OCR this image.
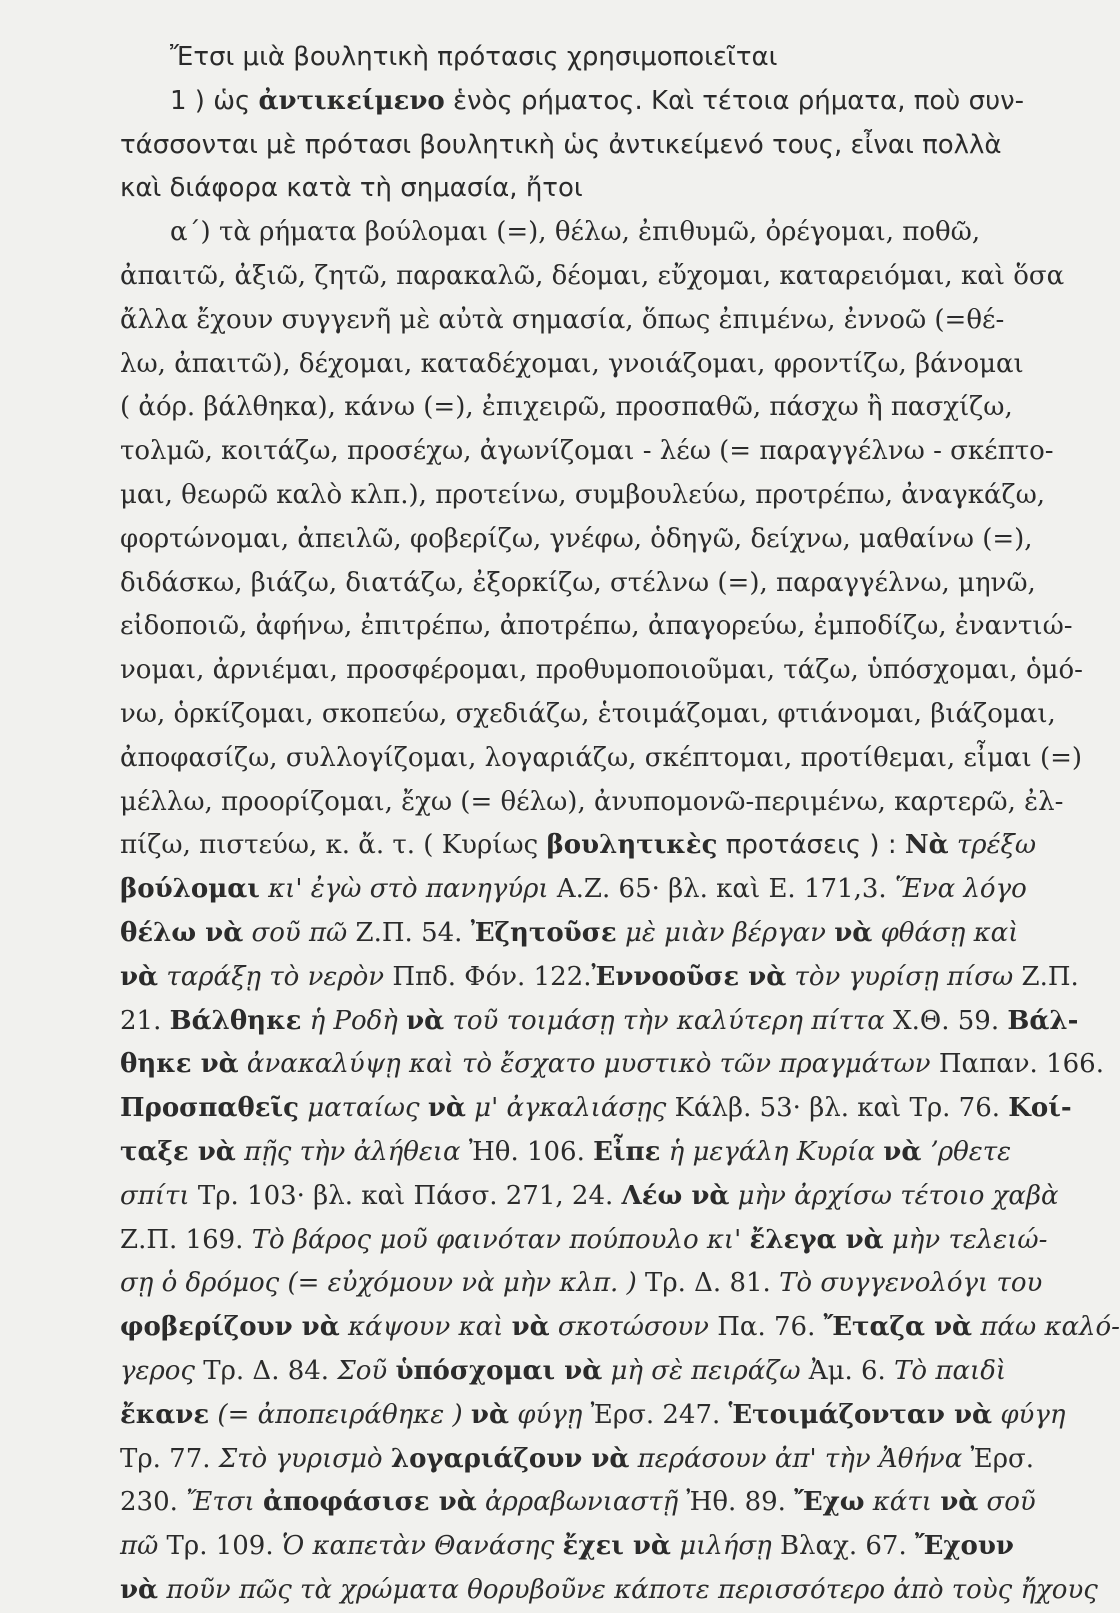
Ἔτσι μιὰ βουλητικὴ πρότασις χρησιμοποιεῖται
1 ) ὡς ἀντικείμενο ἑνὸς ρήματος. Καὶ τέτοια ρήματα, ποὺ συν-
τάσσονται μὲ πρότασι βουλητικὴ ὡς ἀντικείμενό τους, εἶναι πολλὰ
καὶ διάφορα κατὰ τὴ σημασία, ἤτοι
α΄) τὰ ρήματα βούλομαι (=), θέλω, ἐπιθυμῶ, ὀρέγομαι, ποθῶ,
ἀπαιτῶ, ἀξιῶ, ζητῶ, παρακαλῶ, δέομαι, εὔχομαι, καταρειόμαι, καὶ ὅσα
ἄλλα ἔχουν συγγενῆ μὲ αὐτὰ σημασία, ὅπως ἐπιμένω, ἐννοῶ (=θέ-
λω, ἀπαιτῶ), δέχομαι, καταδέχομαι, γνοιάζομαι, φροντίζω, βάνομαι
( ἀόρ. βάλθηκα), κάνω (=), ἐπιχειρῶ, προσπαθῶ, πάσχω ἢ πασχίζω,
τολμῶ, κοιτάζω, προσέχω, ἀγωνίζομαι - λέω (= παραγγέλνω - σκέπτο-
μαι, θεωρῶ καλὸ κλπ.), προτείνω, συμβουλεύω, προτρέπω, ἀναγκάζω,
φορτώνομαι, ἀπειλῶ, φοβερίζω, γνέφω, ὁδηγῶ, δείχνω, μαθαίνω (=),
διδάσκω, βιάζω, διατάζω, ἐξορκίζω, στέλνω (=), παραγγέλνω, μηνῶ,
εἰδοποιῶ, ἀφήνω, ἐπιτρέπω, ἀποτρέπω, ἀπαγορεύω, ἐμποδίζω, ἐναντιώ-
νομαι, ἀρνιέμαι, προσφέρομαι, προθυμοποιοῦμαι, τάζω, ὑπόσχομαι, ὁμό-
νω, ὁρκίζομαι, σκοπεύω, σχεδιάζω, ἑτοιμάζομαι, φτιάνομαι, βιάζομαι,
ἀποφασίζω, συλλογίζομαι, λογαριάζω, σκέπτομαι, προτίθεμαι, εἶμαι (=)
μέλλω, προορίζομαι, ἔχω (= θέλω), ἀνυπομονῶ-περιμένω, καρτερῶ, ἐλ-
πίζω, πιστεύω, κ. ἄ. τ. ( Κυρίως βουλητικὲς προτάσεις ) : Νὰ τρέξω
βούλομαι κι' ἐγὼ στὸ πανηγύρι Α.Ζ. 65· βλ. καὶ Ε. 171,3. Ἕνα λόγο
θέλω νὰ σοῦ πῶ Ζ.Π. 54. Ἐζητοῦσε μὲ μιὰν βέργαν νὰ φθάσῃ καὶ
νὰ ταράξῃ τὸ νερὸν Ππδ. Φόν. 122.Ἐννοοῦσε νὰ τὸν γυρίσῃ πίσω Ζ.Π.
21. Βάλθηκε ἡ Ροδὴ νὰ τοῦ τοιμάσῃ τὴν καλύτερη πίττα Χ.Θ. 59. Βάλ-
θηκε νὰ ἀνακαλύψῃ καὶ τὸ ἔσχατο μυστικὸ τῶν πραγμάτων Παπαν. 166.
Προσπαθεῖς ματαίως νὰ μ' ἀγκαλιάσῃς Κάλβ. 53· βλ. καὶ Τρ. 76. Κοί-
ταξε νὰ πῇς τὴν ἀλήθεια Ἠθ. 106. Εἶπε ἡ μεγάλη Κυρία νὰ ʼρθετε
σπίτι Τρ. 103· βλ. καὶ Πάσσ. 271, 24. Λέω νὰ μὴν ἀρχίσω τέτοιο χαβὰ
Ζ.Π. 169. Τὸ βάρος μοῦ φαινόταν πούπουλο κι' ἔλεγα νὰ μὴν τελειώ-
σῃ ὁ δρόμος (= εὐχόμουν νὰ μὴν κλπ. ) Τρ. Δ. 81. Τὸ συγγενολόγι του
φοβερίζουν νὰ κάψουν καὶ νὰ σκοτώσουν Πα. 76. Ἔταζα νὰ πάω καλό-
γερος Τρ. Δ. 84. Σοῦ ὑπόσχομαι νὰ μὴ σὲ πειράζω Ἀμ. 6. Τὸ παιδὶ
ἔκανε (= ἀποπειράθηκε ) νὰ φύγῃ Ἐρσ. 247. Ἑτοιμάζονταν νὰ φύγη
Τρ. 77. Στὸ γυρισμὸ λογαριάζουν νὰ περάσουν ἀπ' τὴν Ἀθήνα Ἐρσ.
230. Ἔτσι ἀποφάσισε νὰ ἀρραβωνιαστῇ Ἠθ. 89. Ἔχω κάτι νὰ σοῦ
πῶ Τρ. 109. Ὁ καπετὰν Θανάσης ἔχει νὰ μιλήσῃ Βλαχ. 67. Ἔχουν
νὰ ποῦν πῶς τὰ χρώματα θορυβοῦνε κάποτε περισσότερο ἀπὸ τοὺς ἤχους
